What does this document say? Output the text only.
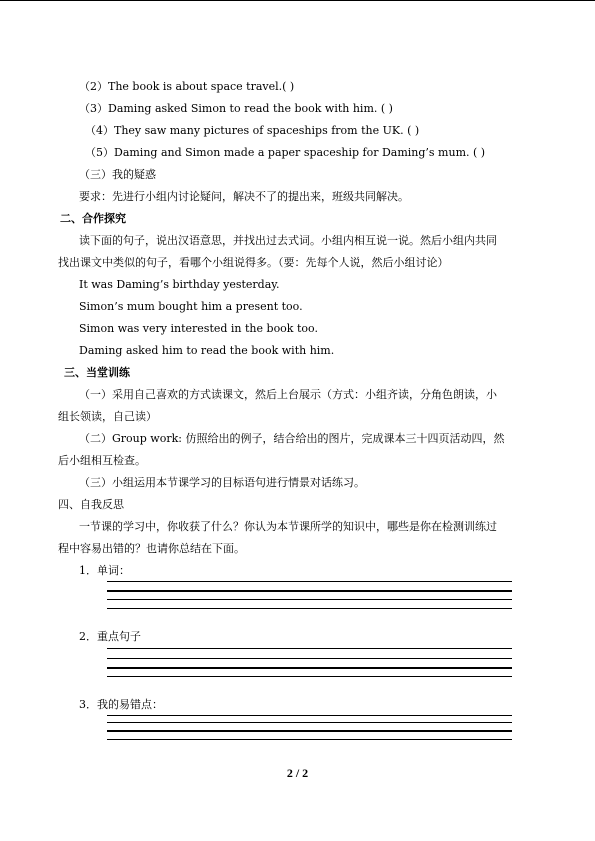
（2）The book is about space travel.( )
（3）Daming asked Simon to read the book with him. ( )
（4）They saw many pictures of spaceships from the UK. ( )
（5）Daming and Simon made a paper spaceship for Daming’s mum. ( )
（三）我的疑惑
要求：先进行小组内讨论疑问，解决不了的提出来，班级共同解决。
二、合作探究
读下面的句子，说出汉语意思，并找出过去式词。小组内相互说一说。然后小组内共同
找出课文中类似的句子，看哪个小组说得多。（要：先每个人说，然后小组讨论）
It was Daming’s birthday yesterday.
Simon’s mum bought him a present too.
Simon was very interested in the book too.
Daming asked him to read the book with him.
三、当堂训练
（一）采用自己喜欢的方式读课文，然后上台展示（方式：小组齐读，分角色朗读，小
组长领读，自己读）
（二）Group work: 仿照给出的例子，结合给出的图片，完成课本三十四页活动四，然
后小组相互检查。
（三）小组运用本节课学习的目标语句进行情景对话练习。
四、自我反思
一节课的学习中，你收获了什么？你认为本节课所学的知识中，哪些是你在检测训练过
程中容易出错的？也请你总结在下面。
1．单词：
2．重点句子
3．我的易错点：
2 / 2
